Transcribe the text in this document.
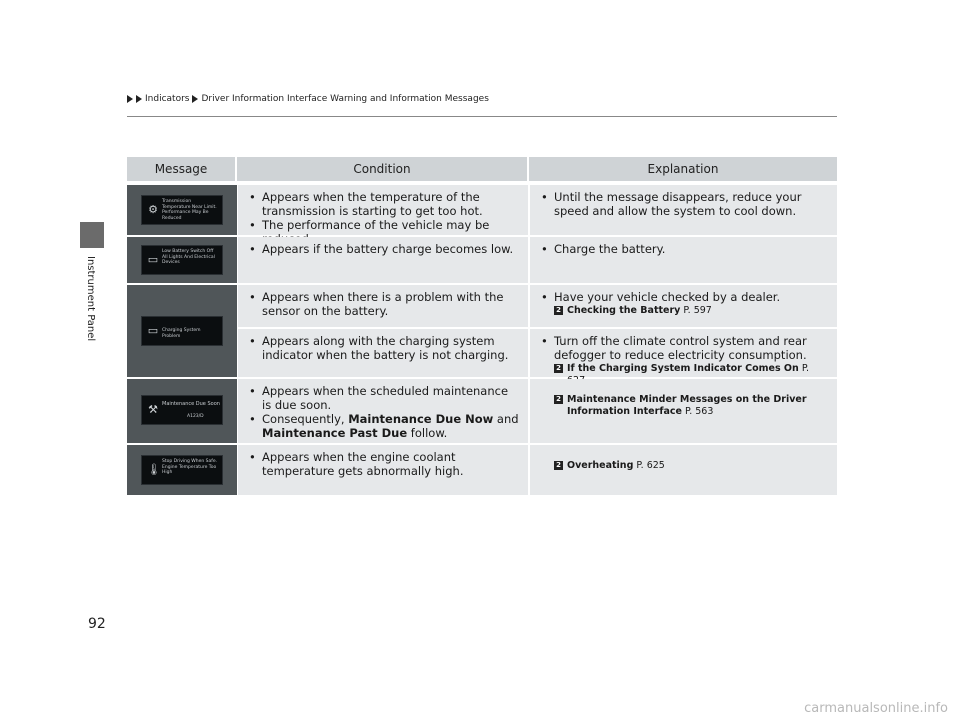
Instrument Panel
Indicators Driver Information Interface Warning and Information Messages
Message	Condition	Explanation
⚙
Transmission Temperature Near Limit. Performance May Be Reduced
• Appears when the temperature of the transmission is starting to get too hot.
• The performance of the vehicle may be
• Until the message disappears, reduce your speed and allow the system to cool down.
▭
Low Battery Switch Off All Lights And Electrical Devices
• Appears if the battery charge becomes low.
•	Charge the battery.
▭ Charging System Problem
• Appears when there is a problem with the sensor on the battery.
• Have your vehicle checked by a dealer.
2 Checking the Battery P. 597
• Appears along with the charging system indicator when the battery is not charging.
• Turn off the climate control system and rear defogger to reduce electricity consumption.
2 If the Charging System Indicator Comes On P.
⚒ Maintenance Due Soon
A123/D
• Appears when the scheduled maintenance is due soon.
• Consequently, Maintenance Due Now and Maintenance Past Due follow.
2 Maintenance Minder Messages on the Driver Information Interface P. 563
🌡
Stop Driving When Safe. Engine Temperature Too High
• Appears when the engine coolant temperature gets abnormally high.	2 Overheating P. 625
92
carmanualsonline.info
